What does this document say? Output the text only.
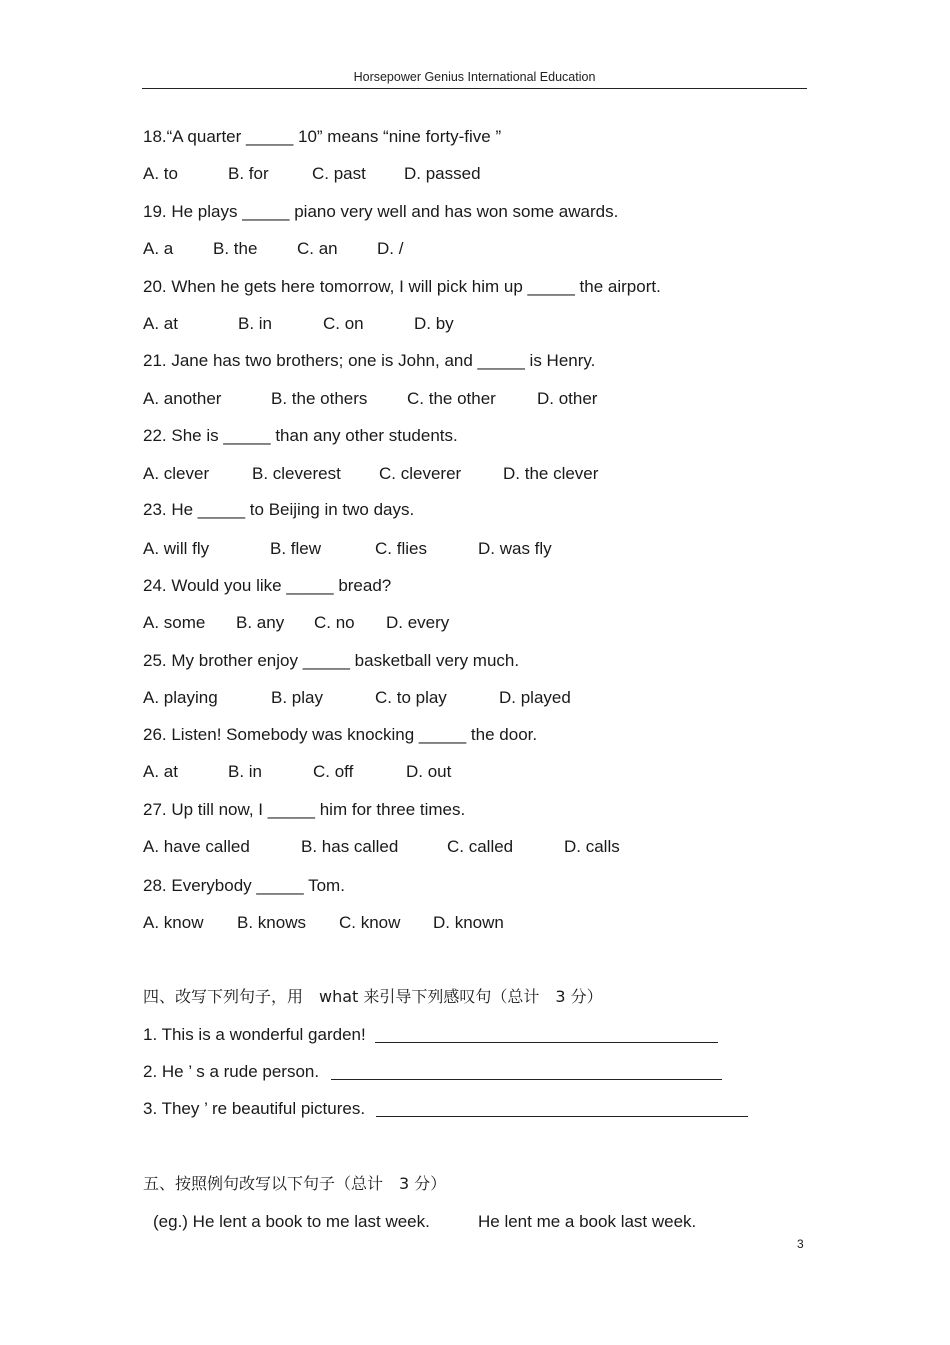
Horsepower Genius International Education
18.“A quarter _____ 10” means “nine forty-five ”
A. to	B. for	C. past D. passed
19. He plays _____ piano very well and has won some awards.
A. a B. the C. an D. /
20. When he gets here tomorrow, I will pick him up _____ the airport.
A. at	B. in	C. on	D. by
21. Jane has two brothers; one is John, and _____ is Henry.
A. another	B. the others C. the other D. other
22. She is _____ than any other students.
A. clever	B. cleverest C. cleverer D. the clever
23. He _____ to Beijing in two days.
A. will fly	B. flew	C. flies	D. was fly
24. Would you like _____ bread?
A. some B. any C. no D. every
25. My brother enjoy _____ basketball very much.
A. playing	B. play	C. to play	D. played
26. Listen! Somebody was knocking _____ the door.
A. at	B. in	C. off	D. out
27. Up till now, I _____ him for three times.
A. have called	B. has called	C. called	D. calls
28. Everybody _____ Tom.
A. know B. knows C. know D. known
四、改写下列句子，用　what 来引导下列感叹句（总计　3 分）
1. This is a wonderful garden!
2. He ’ s a rude person.
3. They ’ re beautiful pictures.
五、按照例句改写以下句子（总计　3 分）
(eg.) He lent a book to me last week.	He lent me a book last week.
3
